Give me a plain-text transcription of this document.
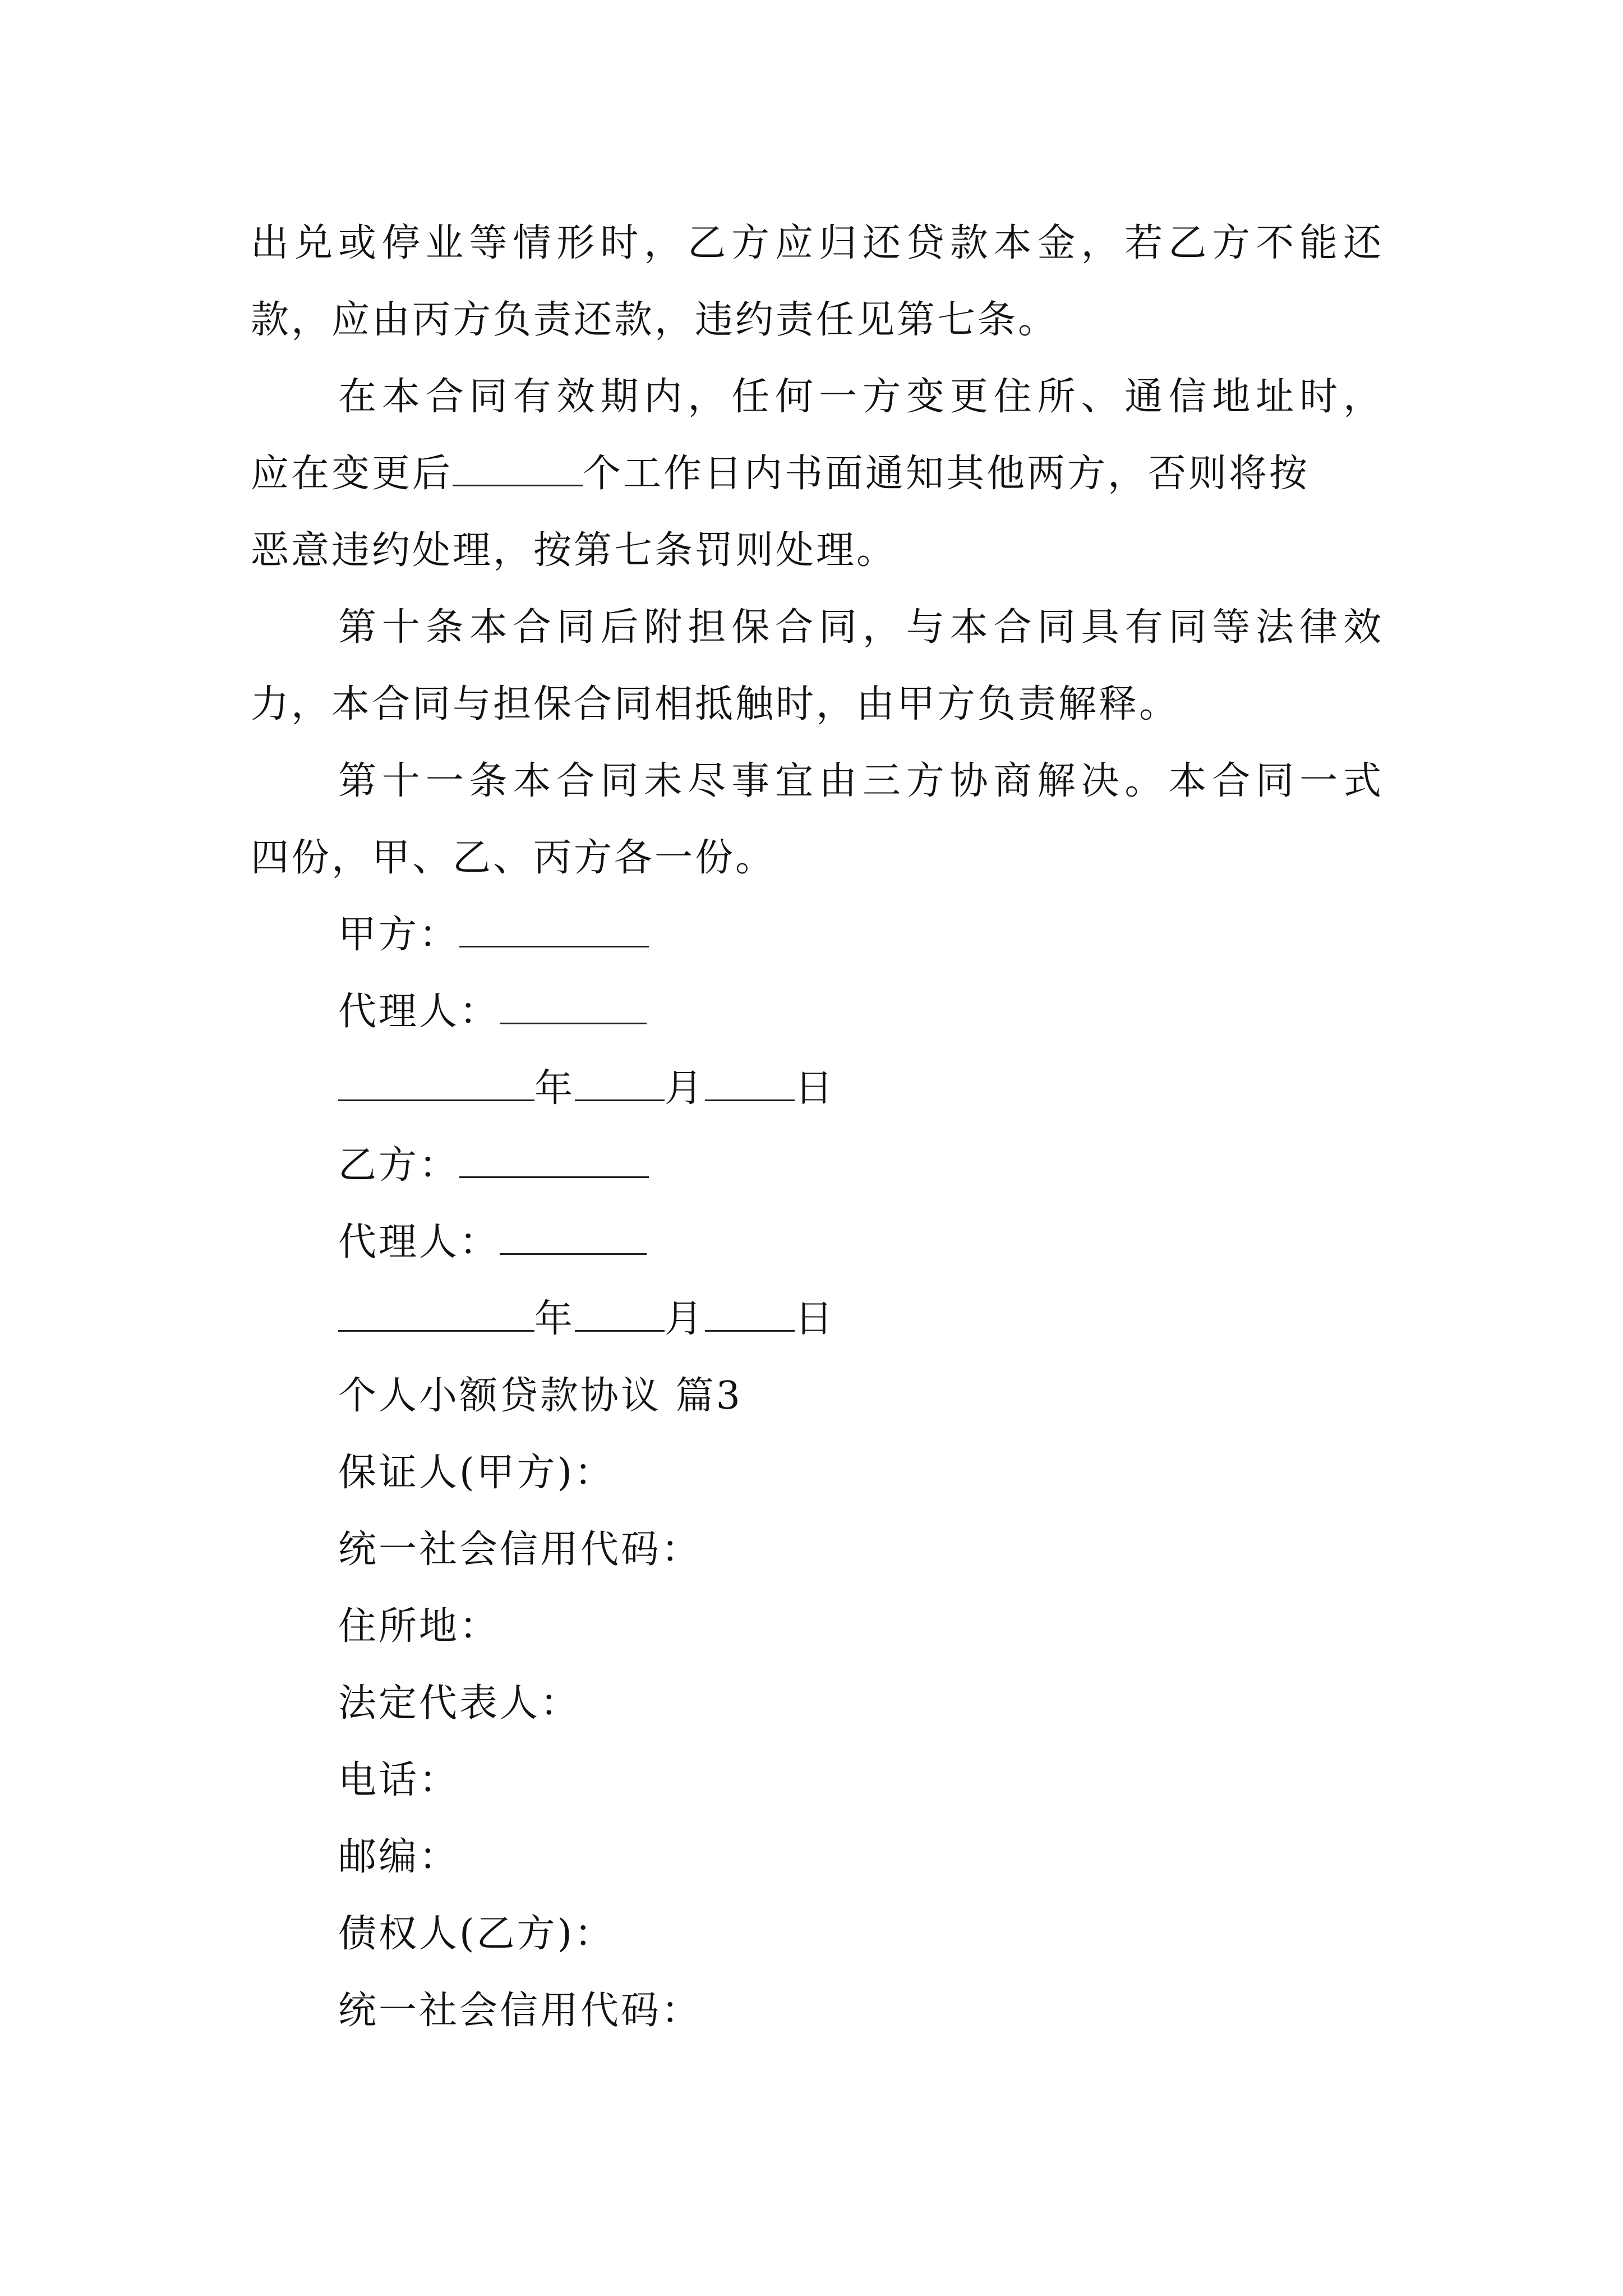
出兑或停业等情形时，乙方应归还贷款本金，若乙方不能还
款，应由丙方负责还款，违约责任见第七条。
在本合同有效期内，任何一方变更住所、通信地址时，
应在变更后	个工作日内书面通知其他两方，否则将按
恶意违约处理，按第七条罚则处理。
第十条本合同后附担保合同，与本合同具有同等法律效
力，本合同与担保合同相抵触时，由甲方负责解释。
第十一条本合同未尽事宜由三方协商解决。本合同一式
四份，甲、乙、丙方各一份。
甲方：
代理人：
年 月 日
乙方：
代理人：
年 月 日
个人小额贷款协议 篇3
保证人(甲方)：
统一社会信用代码：
住所地：
法定代表人：
电话：
邮编：
债权人(乙方)：
统一社会信用代码：
